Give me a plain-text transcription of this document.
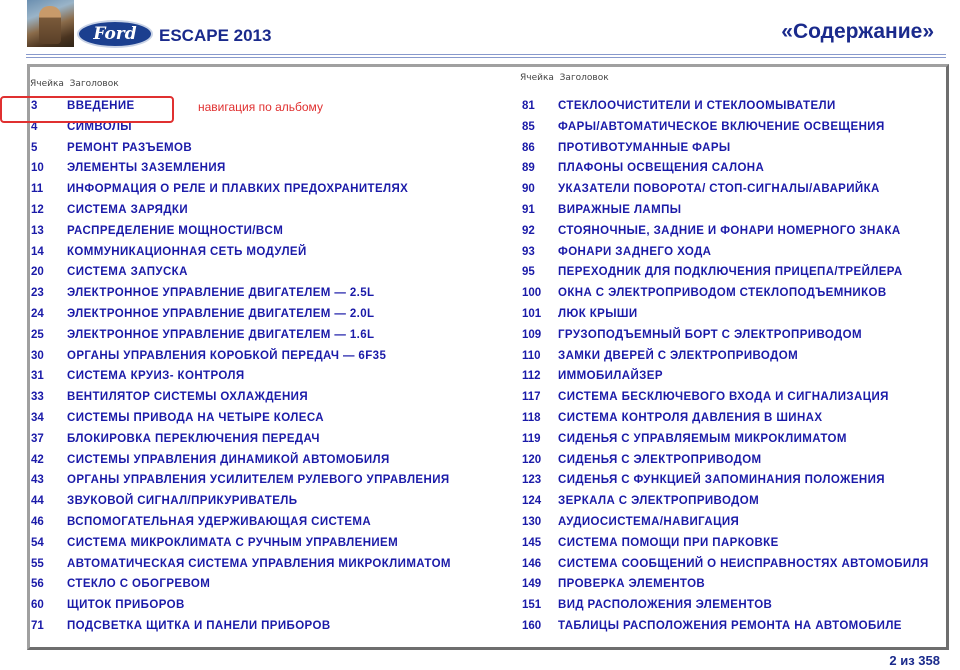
Ford ESCAPE 2013	«Содержание»
Ячейка Заголовок
Ячейка Заголовок
3	ВВЕДЕНИЕ
4	СИМВОЛЫ
5	РЕМОНТ РАЗЪЕМОВ
10 ЭЛЕМЕНТЫ ЗАЗЕМЛЕНИЯ
11 ИНФОРМАЦИЯ О РЕЛЕ И ПЛАВКИХ ПРЕДОХРАНИТЕЛЯХ
12 СИСТЕМА ЗАРЯДКИ
13 РАСПРЕДЕЛЕНИЕ МОЩНОСТИ/BCM
14 КОММУНИКАЦИОННАЯ СЕТЬ МОДУЛЕЙ
20 СИСТЕМА ЗАПУСКА
23 ЭЛЕКТРОННОЕ УПРАВЛЕНИЕ ДВИГАТЕЛЕМ — 2.5L
24 ЭЛЕКТРОННОЕ УПРАВЛЕНИЕ ДВИГАТЕЛЕМ — 2.0L
25 ЭЛЕКТРОННОЕ УПРАВЛЕНИЕ ДВИГАТЕЛЕМ — 1.6L
30 ОРГАНЫ УПРАВЛЕНИЯ КОРОБКОЙ ПЕРЕДАЧ — 6F35
31 СИСТЕМА КРУИЗ- КОНТРОЛЯ
33 ВЕНТИЛЯТОР СИСТЕМЫ ОХЛАЖДЕНИЯ
34 СИСТЕМЫ ПРИВОДА НА ЧЕТЫРЕ КОЛЕСА
37 БЛОКИРОВКА ПЕРЕКЛЮЧЕНИЯ ПЕРЕДАЧ
42 СИСТЕМЫ УПРАВЛЕНИЯ ДИНАМИКОЙ АВТОМОБИЛЯ
43 ОРГАНЫ УПРАВЛЕНИЯ УСИЛИТЕЛЕМ РУЛЕВОГО УПРАВЛЕНИЯ
44 ЗВУКОВОЙ СИГНАЛ/ПРИКУРИВАТЕЛЬ
46 ВСПОМОГАТЕЛЬНАЯ УДЕРЖИВАЮЩАЯ СИСТЕМА
54 СИСТЕМА МИКРОКЛИМАТА С РУЧНЫМ УПРАВЛЕНИЕМ
55 АВТОМАТИЧЕСКАЯ СИСТЕМА УПРАВЛЕНИЯ МИКРОКЛИМАТОМ
56 СТЕКЛО С ОБОГРЕВОМ
60 ЩИТОК ПРИБОРОВ
71 ПОДСВЕТКА ЩИТКА И ПАНЕЛИ ПРИБОРОВ
81 СТЕКЛООЧИСТИТЕЛИ И СТЕКЛООМЫВАТЕЛИ
85 ФАРЫ/АВТОМАТИЧЕСКОЕ ВКЛЮЧЕНИЕ ОСВЕЩЕНИЯ
86 ПРОТИВОТУМАННЫЕ ФАРЫ
89 ПЛАФОНЫ ОСВЕЩЕНИЯ САЛОНА
90 УКАЗАТЕЛИ ПОВОРОТА/ СТОП-СИГНАЛЫ/АВАРИЙКА
91 ВИРАЖНЫЕ ЛАМПЫ
92 СТОЯНОЧНЫЕ, ЗАДНИЕ И ФОНАРИ НОМЕРНОГО ЗНАКА
93 ФОНАРИ ЗАДНЕГО ХОДА
95 ПЕРЕХОДНИК ДЛЯ ПОДКЛЮЧЕНИЯ ПРИЦЕПА/ТРЕЙЛЕРА
100 ОКНА С ЭЛЕКТРОПРИВОДОМ СТЕКЛОПОДЪЕМНИКОВ
101 ЛЮК КРЫШИ
109 ГРУЗОПОДЪЕМНЫЙ БОРТ С ЭЛЕКТРОПРИВОДОМ
110 ЗАМКИ ДВЕРЕЙ С ЭЛЕКТРОПРИВОДОМ
112 ИММОБИЛАЙЗЕР
117 СИСТЕМА БЕСКЛЮЧЕВОГО ВХОДА И СИГНАЛИЗАЦИЯ
118 СИСТЕМА КОНТРОЛЯ ДАВЛЕНИЯ В ШИНАХ
119 СИДЕНЬЯ С УПРАВЛЯЕМЫМ МИКРОКЛИМАТОМ
120 СИДЕНЬЯ С ЭЛЕКТРОПРИВОДОМ
123 СИДЕНЬЯ С ФУНКЦИЕЙ ЗАПОМИНАНИЯ ПОЛОЖЕНИЯ
124 ЗЕРКАЛА С ЭЛЕКТРОПРИВОДОМ
130 АУДИОСИСТЕМА/НАВИГАЦИЯ
145 СИСТЕМА ПОМОЩИ ПРИ ПАРКОВКЕ
146 СИСТЕМА СООБЩЕНИЙ О НЕИСПРАВНОСТЯХ АВТОМОБИЛЯ
149 ПРОВЕРКА ЭЛЕМЕНТОВ
151 ВИД РАСПОЛОЖЕНИЯ ЭЛЕМЕНТОВ
160 ТАБЛИЦЫ РАСПОЛОЖЕНИЯ РЕМОНТА НА АВТОМОБИЛЕ
навигация по альбому
2 из 358
